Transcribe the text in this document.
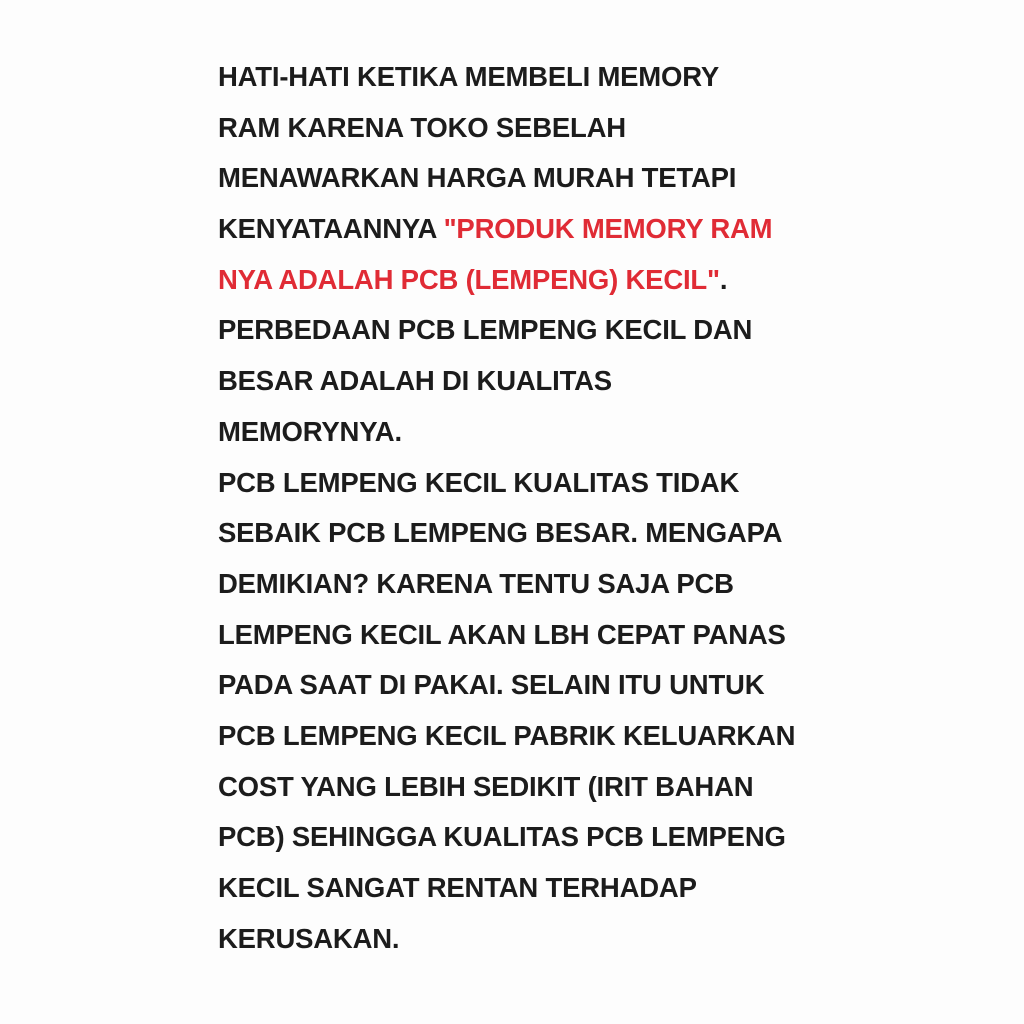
HATI-HATI KETIKA MEMBELI MEMORY
RAM KARENA TOKO SEBELAH
MENAWARKAN HARGA MURAH TETAPI
KENYATAANNYA "PRODUK MEMORY RAM
NYA ADALAH PCB (LEMPENG) KECIL".
PERBEDAAN PCB LEMPENG KECIL DAN
BESAR ADALAH DI KUALITAS
MEMORYNYA.
PCB LEMPENG KECIL KUALITAS TIDAK
SEBAIK PCB LEMPENG BESAR. MENGAPA
DEMIKIAN? KARENA TENTU SAJA PCB
LEMPENG KECIL AKAN LBH CEPAT PANAS
PADA SAAT DI PAKAI. SELAIN ITU UNTUK
PCB LEMPENG KECIL PABRIK KELUARKAN
COST YANG LEBIH SEDIKIT (IRIT BAHAN
PCB) SEHINGGA KUALITAS PCB LEMPENG
KECIL SANGAT RENTAN TERHADAP
KERUSAKAN.
